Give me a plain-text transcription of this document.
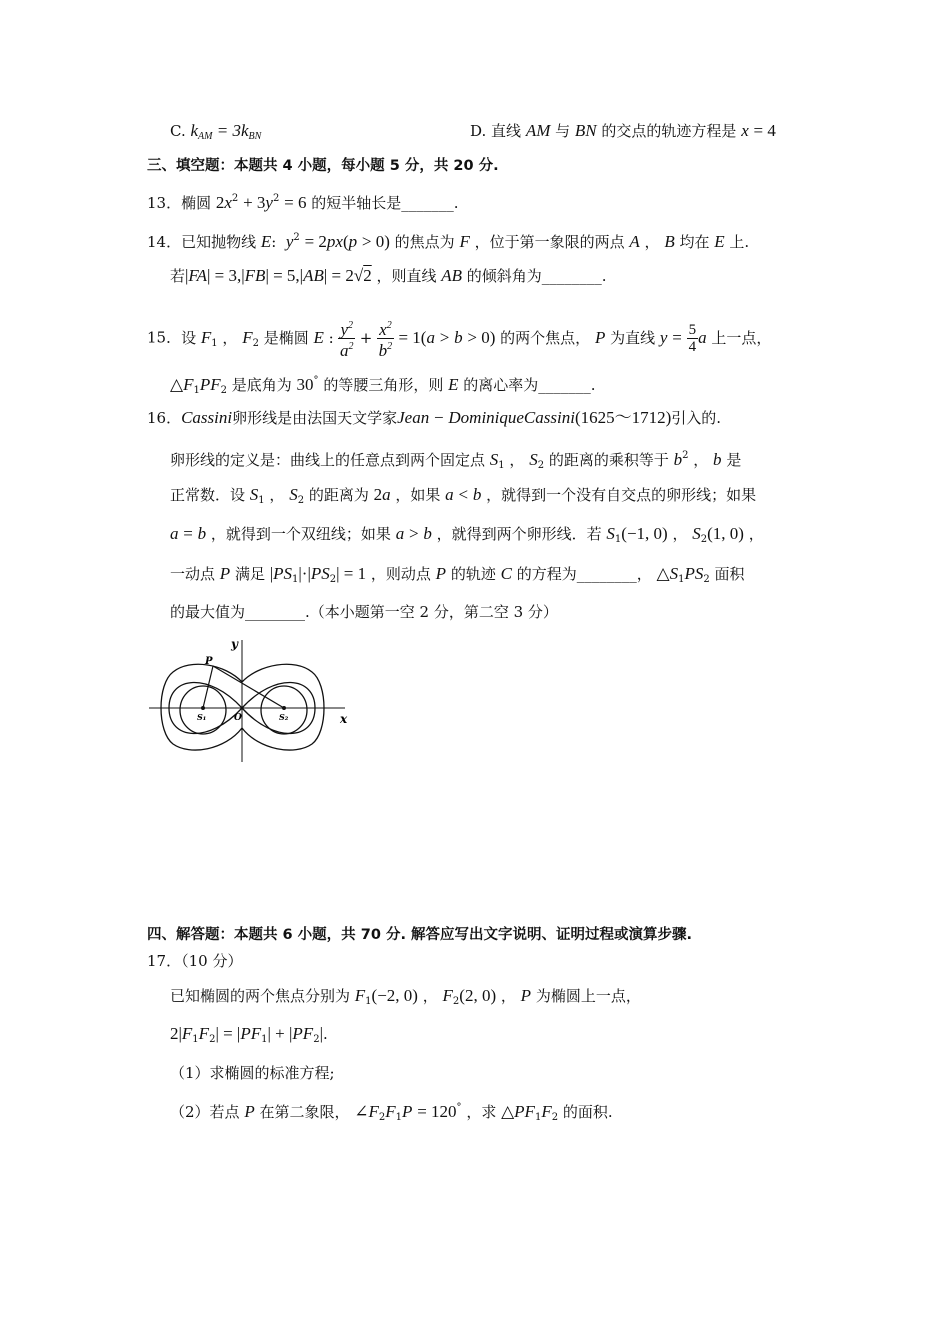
C. $k_{AM} = 3k_{BN}$	D. 直线 AM 与 BN 的交点的轨迹方程是 x = 4
三、填空题：本题共 4 小题，每小题 5 分，共 20 分.
13．椭圆 $2x^2 + 3y^2 = 6$ 的短半轴长是_______.
14．已知抛物线 E:  $y^2 = 2px(p > 0)$ 的焦点为 F ，位于第一象限的两点 A ， B 均在 E 上.
若|FA| = 3,|FB| = 5,|AB| = 2√2 ，则直线 AB 的倾斜角为________.
15．设 $F_1$ ， $F_2$ 是椭圆 E : $\frac{y^2}{a^2} + \frac{x^2}{b^2} = 1(a > b > 0)$ 的两个焦点， P 为直线 $y = \frac{5}{4}$ a 上一点，
$\triangle F_1PF_2$ 是底角为 30° 的等腰三角形，则 E 的离心率为_______.
16．Cassini卵形线是由法国天文学家Jean − DominiqueCassini(1625～1712)引入的.
卵形线的定义是：曲线上的任意点到两个固定点 $S_1$ ， $S_2$ 的距离的乘积等于 $b^2$ ， b 是
正常数．设 $S_1$ ， $S_2$ 的距离为 2a ，如果 a < b ，就得到一个没有自交点的卵形线；如果
a = b ，就得到一个双纽线；如果 a > b ，就得到两个卵形线．若 $S_1(-1$, 0) ， $S_2(1$, 0) ，
一动点 P 满足 $|PS_1|\cdot|PS_2| = 1$ ，则动点 P 的轨迹 C 的方程为________， $\triangle S_1PS_2$ 面积
的最大值为________.（本小题第一空 2 分，第二空 3 分）
y
x
P
O
S₁	S₂
四、解答题：本题共 6 小题，共 70 分. 解答应写出文字说明、证明过程或演算步骤.
17．（10 分）
已知椭圆的两个焦点分别为 $F_1(-2$, 0) ， $F_2(2$, 0) ， P 为椭圆上一点，
$2|F_1F_2| = |PF_1| + |PF_2|$.
（1）求椭圆的标准方程;
（2）若点 P 在第二象限， $\angle F_2F_1P = 120^\circ$ ，求 $\triangle PF_1F_2$ 的面积.
